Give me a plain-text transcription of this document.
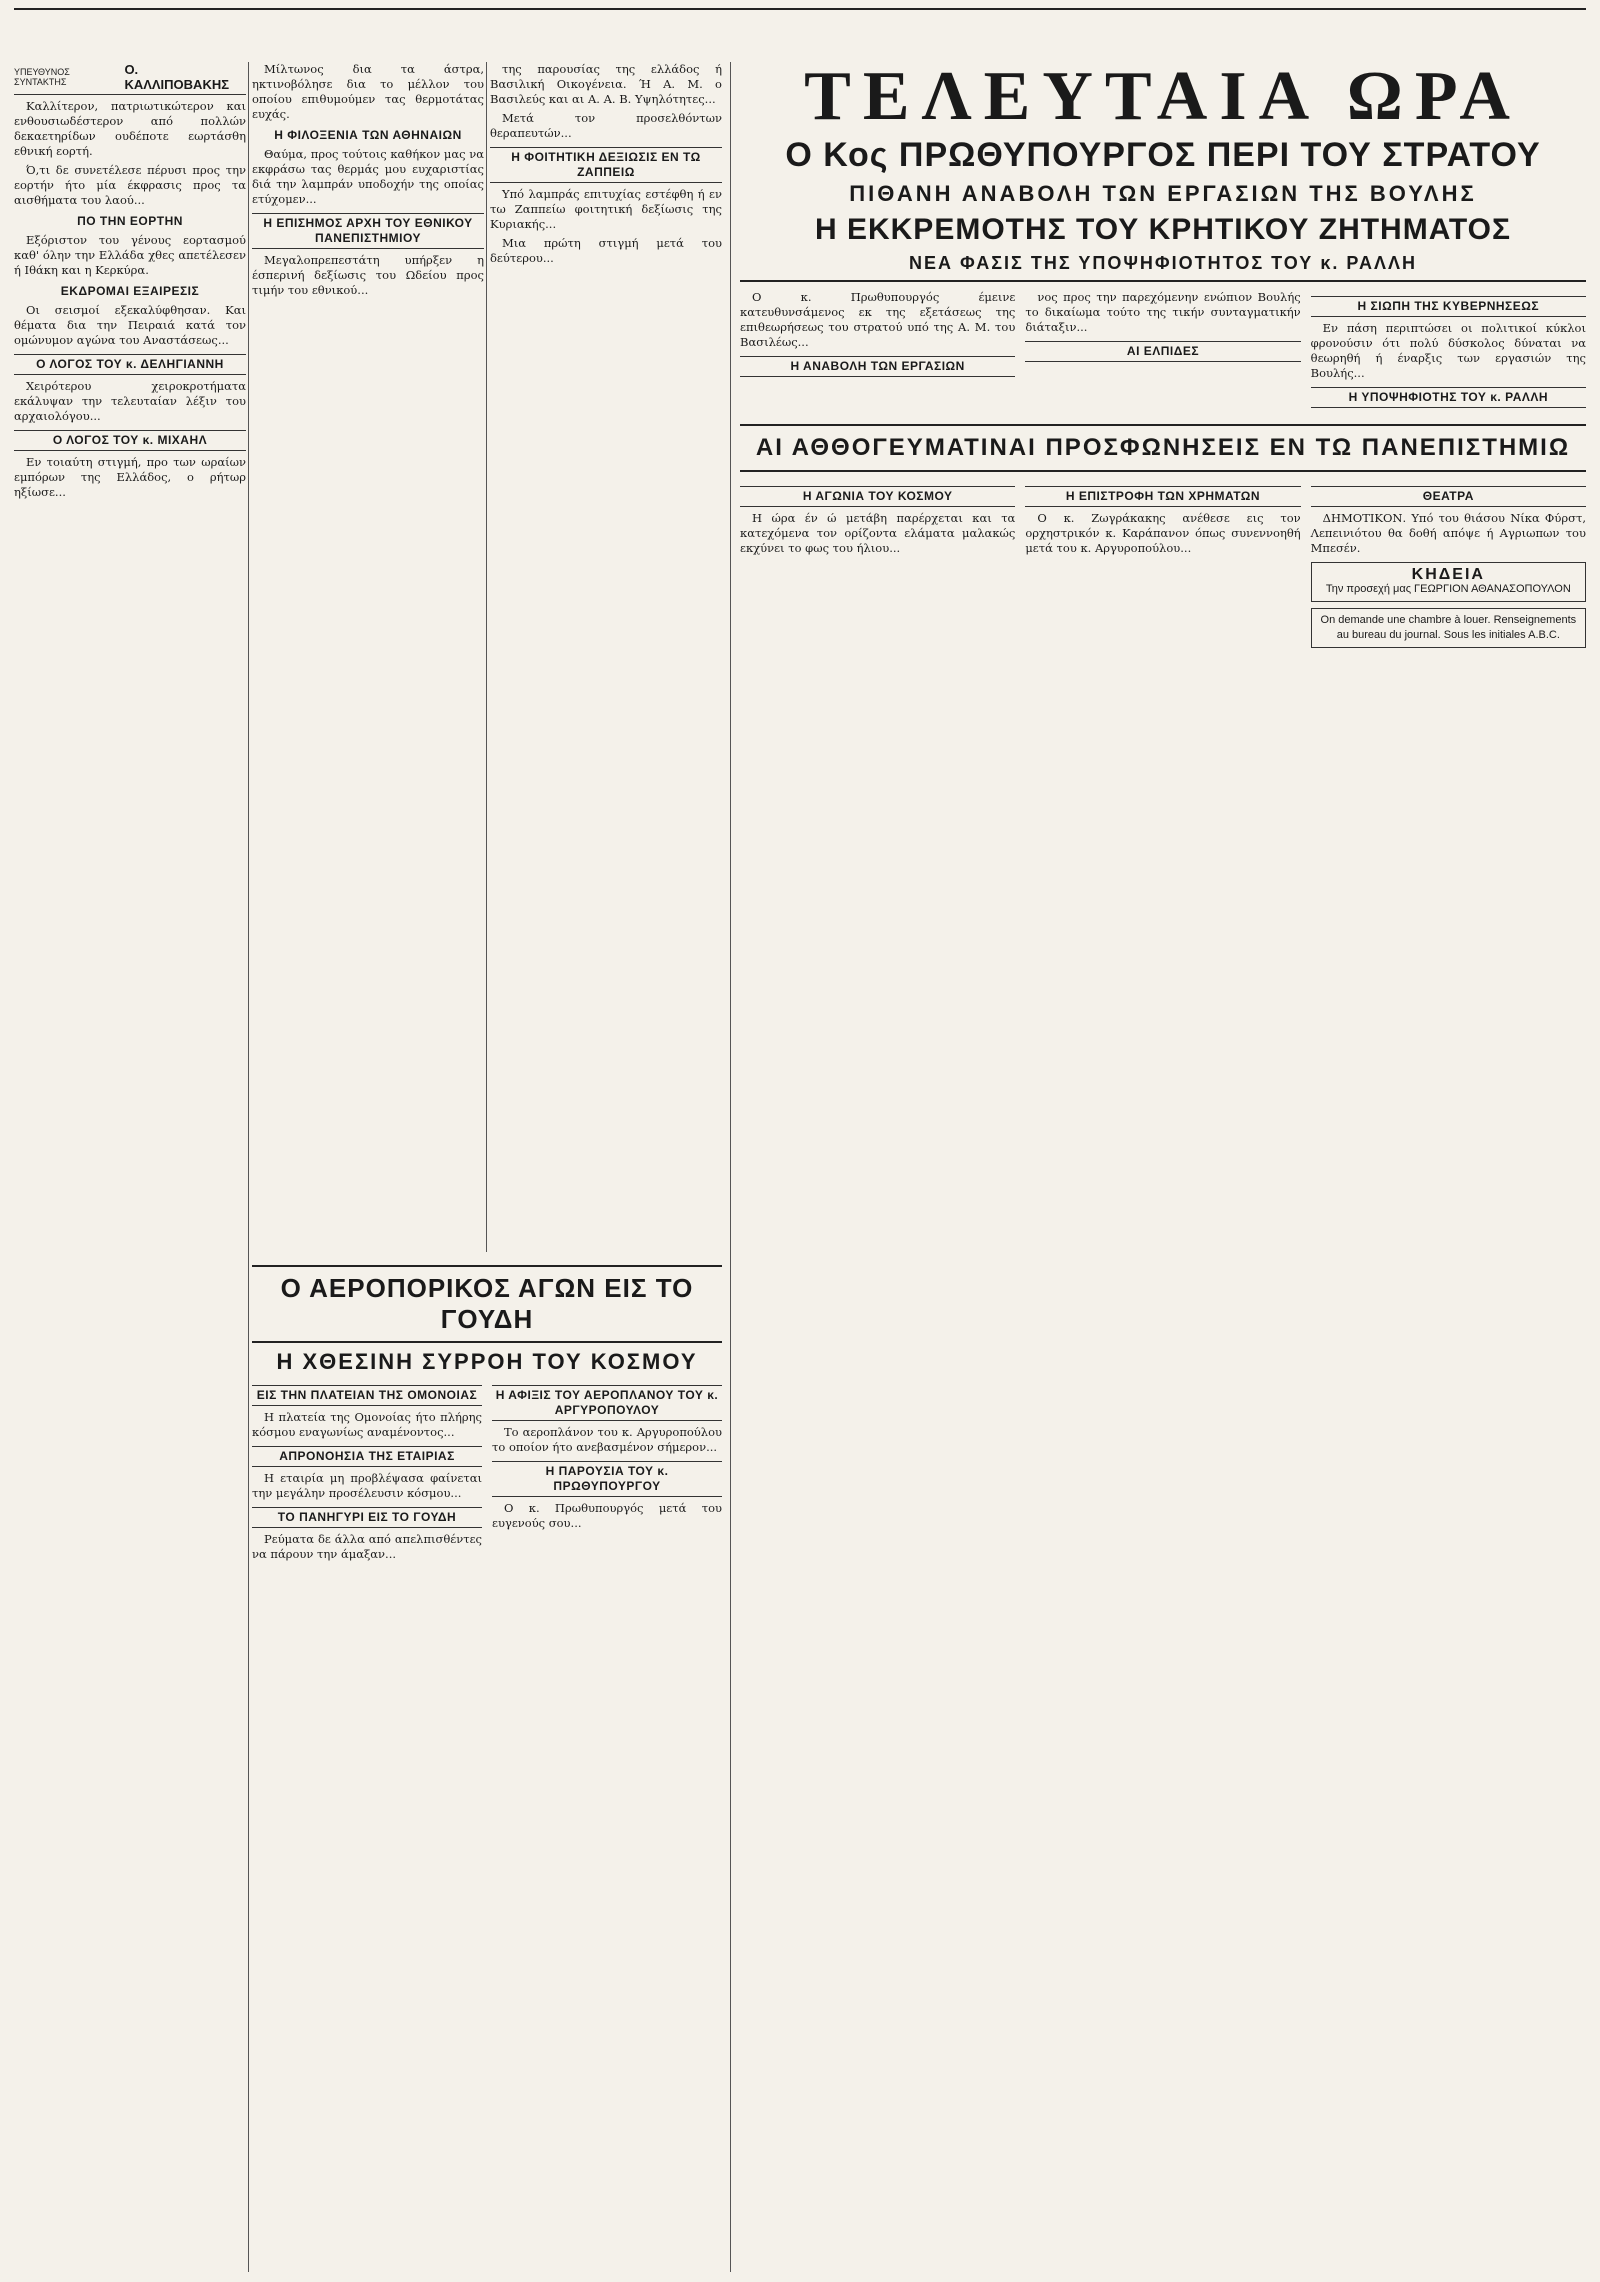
ΥΠΕΥΘΥΝΟΣ ΣΥΝΤΑΚΤΗΣ
Ο. ΚΑΛΛΙΠΟΒΑΚΗΣ

Καλλίτερον, πατριωτικώτερον και ενθουσιωδέστερον από πολλών δεκαετηρίδων ουδέποτε εωρτάσθη εθνική εορτή.

Ό,τι δε συνετέλεσε πέρυσι προς την εορτήν ήτο μία έκφρασις προς τα αισθήματα του λαού...

ΠΟ ΤΗΝ ΕΟΡΤΗΝ

Εξόριστον του γένους εορτασμού καθ' όλην την Ελλάδα χθες απετέλεσεν ή Ιθάκη και η Κερκύρα.

ΕΚΔΡΟΜΑΙ ΕΞΑΙΡΕΣΙΣ

Οι σεισμοί εξεκαλύφθησαν. Και θέματα δια την Πειραιά κατά τον ομώνυμον αγώνα του Αναστάσεως...

Ο ΛΟΓΟΣ ΤΟΥ κ. ΔΕΛΗΓΙΑΝΝΗ

Χειρότερου χειροκροτήματα εκάλυψαν την τελευταίαν λέξιν του αρχαιολόγου...

Ο ΛΟΓΟΣ ΤΟΥ κ. ΜΙΧΑΗΛ

Εν τοιαύτη στιγμή, προ των ωραίων εμπόρων της Ελλάδος, ο ρήτωρ ηξίωσε...

Μίλτωνος δια τα άστρα, ηκτινοβόλησε δια το μέλλον του οποίου επιθυμούμεν τας θερμοτάτας ευχάς.

Η ΦΙΛΟΞΕΝΙΑ ΤΩΝ ΑΘΗΝΑΙΩΝ

Θαύμα, προς τούτοις καθήκον μας να εκφράσω τας θερμάς μου ευχαριστίας διά την λαμπράν υποδοχήν της οποίας ετύχομεν...

Η ΕΠΙΣΗΜΟΣ ΑΡΧΗ ΤΟΥ ΕΘΝΙΚΟΥ ΠΑΝΕΠΙΣΤΗΜΙΟΥ

Μεγαλοπρεπεστάτη υπήρξεν η έσπερινή δεξίωσις του Ωδείου προς τιμήν του εθνικού...

της παρουσίας της ελλάδος ή Βασιλική Οικογένεια. Ή Α. Μ. ο Βασιλεύς και αι Α. Α. Β. Υψηλότητες...

Μετά τον προσελθόντων θεραπευτών...

Η ΦΟΙΤΗΤΙΚΗ ΔΕΞΙΩΣΙΣ ΕΝ ΤΩ ΖΑΠΠΕΙΩ

Υπό λαμπράς επιτυχίας εστέφθη ή εν τω Ζαππείω φοιτητική δεξίωσις της Κυριακής...

Μια πρώτη στιγμή μετά του δεύτερου...

Ο ΑΕΡΟΠΟΡΙΚΟΣ ΑΓΩΝ ΕΙΣ ΤΟ ΓΟΥΔΗ
Η ΧΘΕΣΙΝΗ ΣΥΡΡΟΗ ΤΟΥ ΚΟΣΜΟΥ
ΕΙΣ ΤΗΝ ΠΛΑΤΕΙΑΝ ΤΗΣ ΟΜΟΝΟΙΑΣ

Η πλατεία της Ομονοίας ήτο πλήρης κόσμου εναγωνίως αναμένοντος...

ΑΠΡΟΝΟΗΣΙΑ ΤΗΣ ΕΤΑΙΡΙΑΣ

Η εταιρία μη προβλέψασα φαίνεται την μεγάλην προσέλευσιν κόσμου...

ΤΟ ΠΑΝΗΓΥΡΙ ΕΙΣ ΤΟ ΓΟΥΔΗ

Ρεύματα δε άλλα από απελπισθέντες να πάρουν την άμαξαν...

Η ΑΦΙΞΙΣ ΤΟΥ ΑΕΡΟΠΛΑΝΟΥ ΤΟΥ κ. ΑΡΓΥΡΟΠΟΥΛΟΥ

Το αεροπλάνον του κ. Αργυροπούλου το οποίον ήτο ανεβασμένον σήμερον...

Η ΠΑΡΟΥΣΙΑ ΤΟΥ κ. ΠΡΩΘΥΠΟΥΡΓΟΥ

Ο κ. Πρωθυπουργός μετά του ευγενούς σου...

ΤΕΛΕΥΤΑΙΑ ΩΡΑ
Ο Κος ΠΡΩΘΥΠΟΥΡΓΟΣ ΠΕΡΙ ΤΟΥ ΣΤΡΑΤΟΥ
ΠΙΘΑΝΗ ΑΝΑΒΟΛΗ ΤΩΝ ΕΡΓΑΣΙΩΝ ΤΗΣ ΒΟΥΛΗΣ
Η ΕΚΚΡΕΜΟΤΗΣ ΤΟΥ ΚΡΗΤΙΚΟΥ ΖΗΤΗΜΑΤΟΣ
ΝΕΑ ΦΑΣΙΣ ΤΗΣ ΥΠΟΨΗΦΙΟΤΗΤΟΣ ΤΟΥ κ. ΡΑΛΛΗ

Ο κ. Πρωθυπουργός έμεινε κατευθυνσάμενος εκ της εξετάσεως της επιθεωρήσεως του στρατού υπό της Α. Μ. του Βασιλέως...

Η ΑΝΑΒΟΛΗ ΤΩΝ ΕΡΓΑΣΙΩΝ

νος προς την παρεχόμενην ενώπιον Βουλής το δικαίωμα τούτο της τικήν συνταγματικήν διάταξιν...

ΑΙ ΕΛΠΙΔΕΣ
Η ΣΙΩΠΗ ΤΗΣ ΚΥΒΕΡΝΗΣΕΩΣ

Εν πάση περιπτώσει οι πολιτικοί κύκλοι φρονούσιν ότι πολύ δύσκολος δύναται να θεωρηθή ή έναρξις των εργασιών της Βουλής...

Η ΥΠΟΨΗΦΙΟΤΗΣ ΤΟΥ κ. ΡΑΛΛΗ
ΑΙ ΑΘΘΟΓΕΥΜΑΤΙΝΑΙ ΠΡΟΣΦΩΝΗΣΕΙΣ ΕΝ ΤΩ ΠΑΝΕΠΙΣΤΗΜΙΩ
Η ΑΓΩΝΙΑ ΤΟΥ ΚΟΣΜΟΥ

Η ώρα έν ώ μετάβη παρέρχεται και τα κατεχόμενα τον ορίζοντα ελάματα μαλακώς εκχύνει το φως του ήλιου...

Η ΕΠΙΣΤΡΟΦΗ ΤΩΝ ΧΡΗΜΑΤΩΝ

Ο κ. Ζωγράκακης ανέθεσε εις τον ορχηστρικόν κ. Καράπανον όπως συνεννοηθή μετά του κ. Αργυροπούλου...

ΘΕΑΤΡΑ

ΔΗΜΟΤΙΚΟΝ. Υπό του θιάσου Νίκα Φύρστ, Λεπεινιότου θα δοθή απόψε ή Αγριωπων του Μπεσέν.

ΚΗΔΕΙΑ
Την προσεχή μας ΓΕΩΡΓΙΟΝ ΑΘΑΝΑΣΟΠΟΥΛΟΝ
On demande une chambre à louer. Renseignements au bureau du journal. Sous les initiales A.B.C.
